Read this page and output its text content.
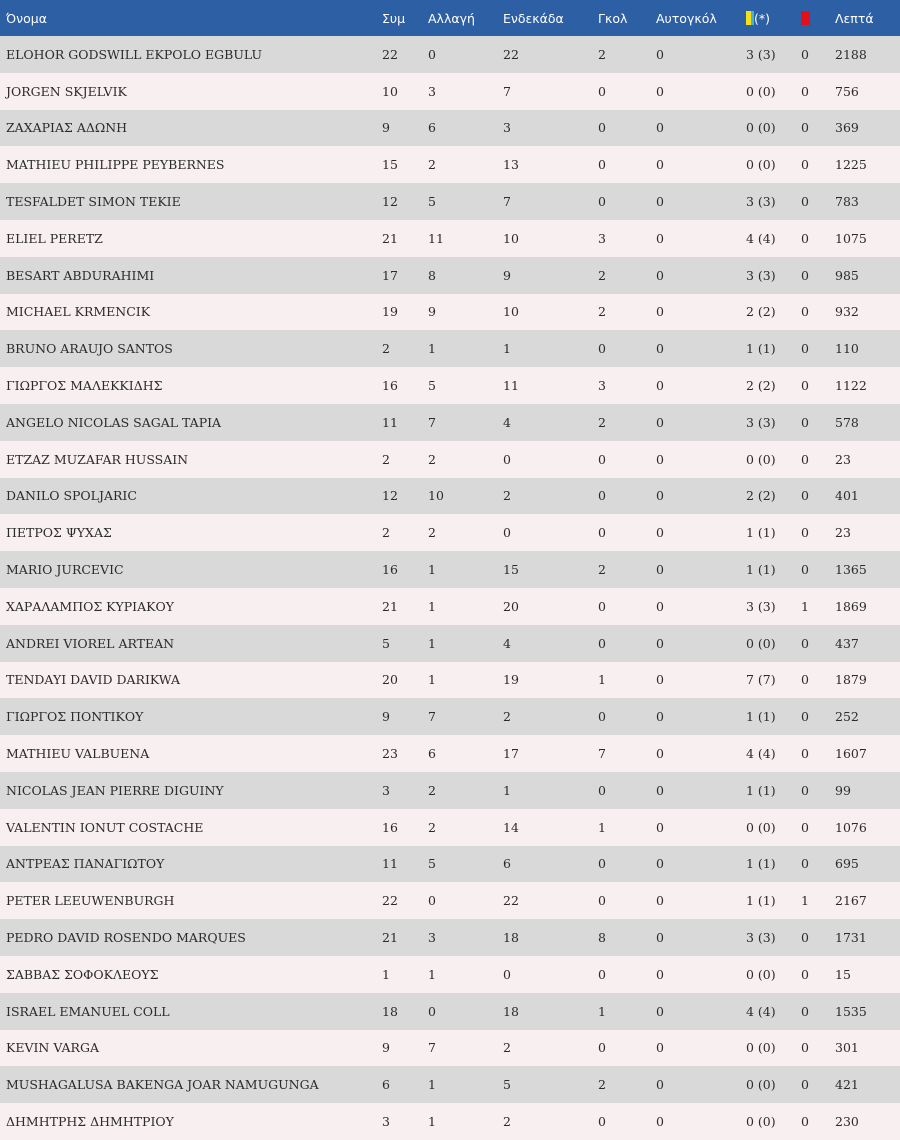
Όνομα	Συμ	Αλλαγή	Ενδεκάδα	Γκολ	Αυτογκόλ	(*)		Λεπτά
ELOHOR GODSWILL EKPOLO EGBULU	22	0	22	2	0	3 (3)	0	2188
JORGEN SKJELVIK	10	3	7	0	0	0 (0)	0	756
ΖΑΧΑΡΙΑΣ ΑΔΩΝΗ	9	6	3	0	0	0 (0)	0	369
MATHIEU PHILIPPE PEYBERNES	15	2	13	0	0	0 (0)	0	1225
TESFALDET SIMON TEKIE	12	5	7	0	0	3 (3)	0	783
ELIEL PERETZ	21	11	10	3	0	4 (4)	0	1075
BESART ABDURAHIMI	17	8	9	2	0	3 (3)	0	985
MICHAEL KRMENCIK	19	9	10	2	0	2 (2)	0	932
BRUNO ARAUJO SANTOS	2	1	1	0	0	1 (1)	0	110
ΓΙΩΡΓΟΣ ΜΑΛΕΚΚΙΔΗΣ	16	5	11	3	0	2 (2)	0	1122
ANGELO NICOLAS SAGAL TAPIA	11	7	4	2	0	3 (3)	0	578
ETZAZ MUZAFAR HUSSAIN	2	2	0	0	0	0 (0)	0	23
DANILO SPOLJARIC	12	10	2	0	0	2 (2)	0	401
ΠΕΤΡΟΣ ΨΥΧΑΣ	2	2	0	0	0	1 (1)	0	23
MARIO JURCEVIC	16	1	15	2	0	1 (1)	0	1365
ΧΑΡΑΛΑΜΠΟΣ ΚΥΡΙΑΚΟΥ	21	1	20	0	0	3 (3)	1	1869
ANDREI VIOREL ARTEAN	5	1	4	0	0	0 (0)	0	437
TENDAYI DAVID DARIKWA	20	1	19	1	0	7 (7)	0	1879
ΓΙΩΡΓΟΣ ΠΟΝΤΙΚΟΥ	9	7	2	0	0	1 (1)	0	252
MATHIEU VALBUENA	23	6	17	7	0	4 (4)	0	1607
NICOLAS JEAN PIERRE DIGUINY	3	2	1	0	0	1 (1)	0	99
VALENTIN IONUT COSTACHE	16	2	14	1	0	0 (0)	0	1076
ΑΝΤΡΕΑΣ ΠΑΝΑΓΙΩΤΟΥ	11	5	6	0	0	1 (1)	0	695
PETER LEEUWENBURGH	22	0	22	0	0	1 (1)	1	2167
PEDRO DAVID ROSENDO MARQUES	21	3	18	8	0	3 (3)	0	1731
ΣΑΒΒΑΣ ΣΟΦΟΚΛΕΟΥΣ	1	1	0	0	0	0 (0)	0	15
ISRAEL EMANUEL COLL	18	0	18	1	0	4 (4)	0	1535
KEVIN VARGA	9	7	2	0	0	0 (0)	0	301
MUSHAGALUSA BAKENGA JOAR NAMUGUNGA	6	1	5	2	0	0 (0)	0	421
ΔΗΜΗΤΡΗΣ ΔΗΜΗΤΡΙΟΥ	3	1	2	0	0	0 (0)	0	230
